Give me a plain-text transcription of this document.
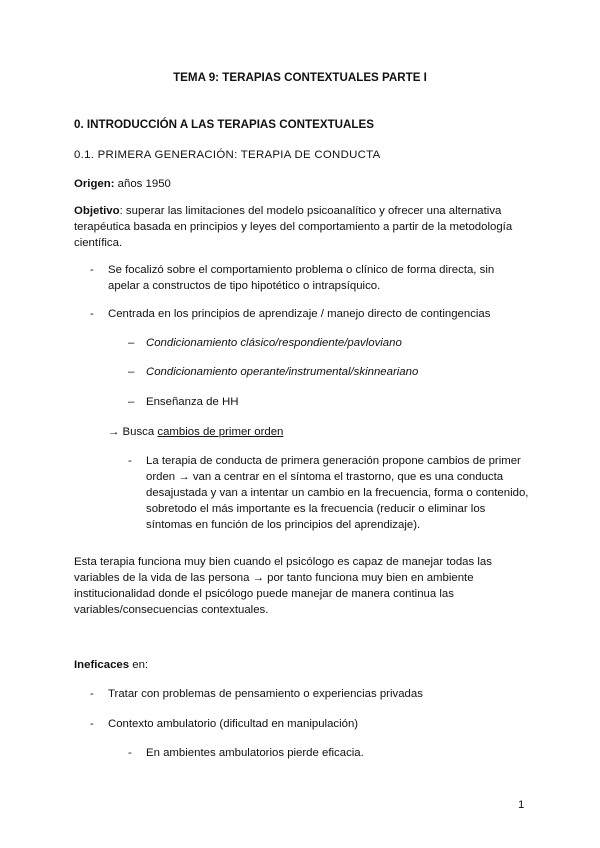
TEMA 9: TERAPIAS CONTEXTUALES PARTE I
0. INTRODUCCIÓN A LAS TERAPIAS CONTEXTUALES
0.1. PRIMERA GENERACIÓN: TERAPIA DE CONDUCTA
Origen: años 1950
Objetivo: superar las limitaciones del modelo psicoanalítico y ofrecer una alternativa terapéutica basada en principios y leyes del comportamiento a partir de la metodología científica.
-	Se focalizó sobre el comportamiento problema o clínico de forma directa, sin apelar a constructos de tipo hipotético o intrapsíquico.
-	Centrada en los principios de aprendizaje / manejo directo de contingencias
–	Condicionamiento clásico/respondiente/pavloviano
–	Condicionamiento operante/instrumental/skinneariano
–	Enseñanza de HH
→ Busca cambios de primer orden
-	La terapia de conducta de primera generación propone cambios de primer orden → van a centrar en el síntoma el trastorno, que es una conducta desajustada y van a intentar un cambio en la frecuencia, forma o contenido, sobretodo el más importante es la frecuencia (reducir o eliminar los síntomas en función de los principios del aprendizaje).
Esta terapia funciona muy bien cuando el psicólogo es capaz de manejar todas las variables de la vida de las persona → por tanto funciona muy bien en ambiente institucionalidad donde el psicólogo puede manejar de manera continua las variables/consecuencias contextuales.
Ineficaces en:
-	Tratar con problemas de pensamiento o experiencias privadas
-	Contexto ambulatorio (dificultad en manipulación)
-	En ambientes ambulatorios pierde eficacia.
1
